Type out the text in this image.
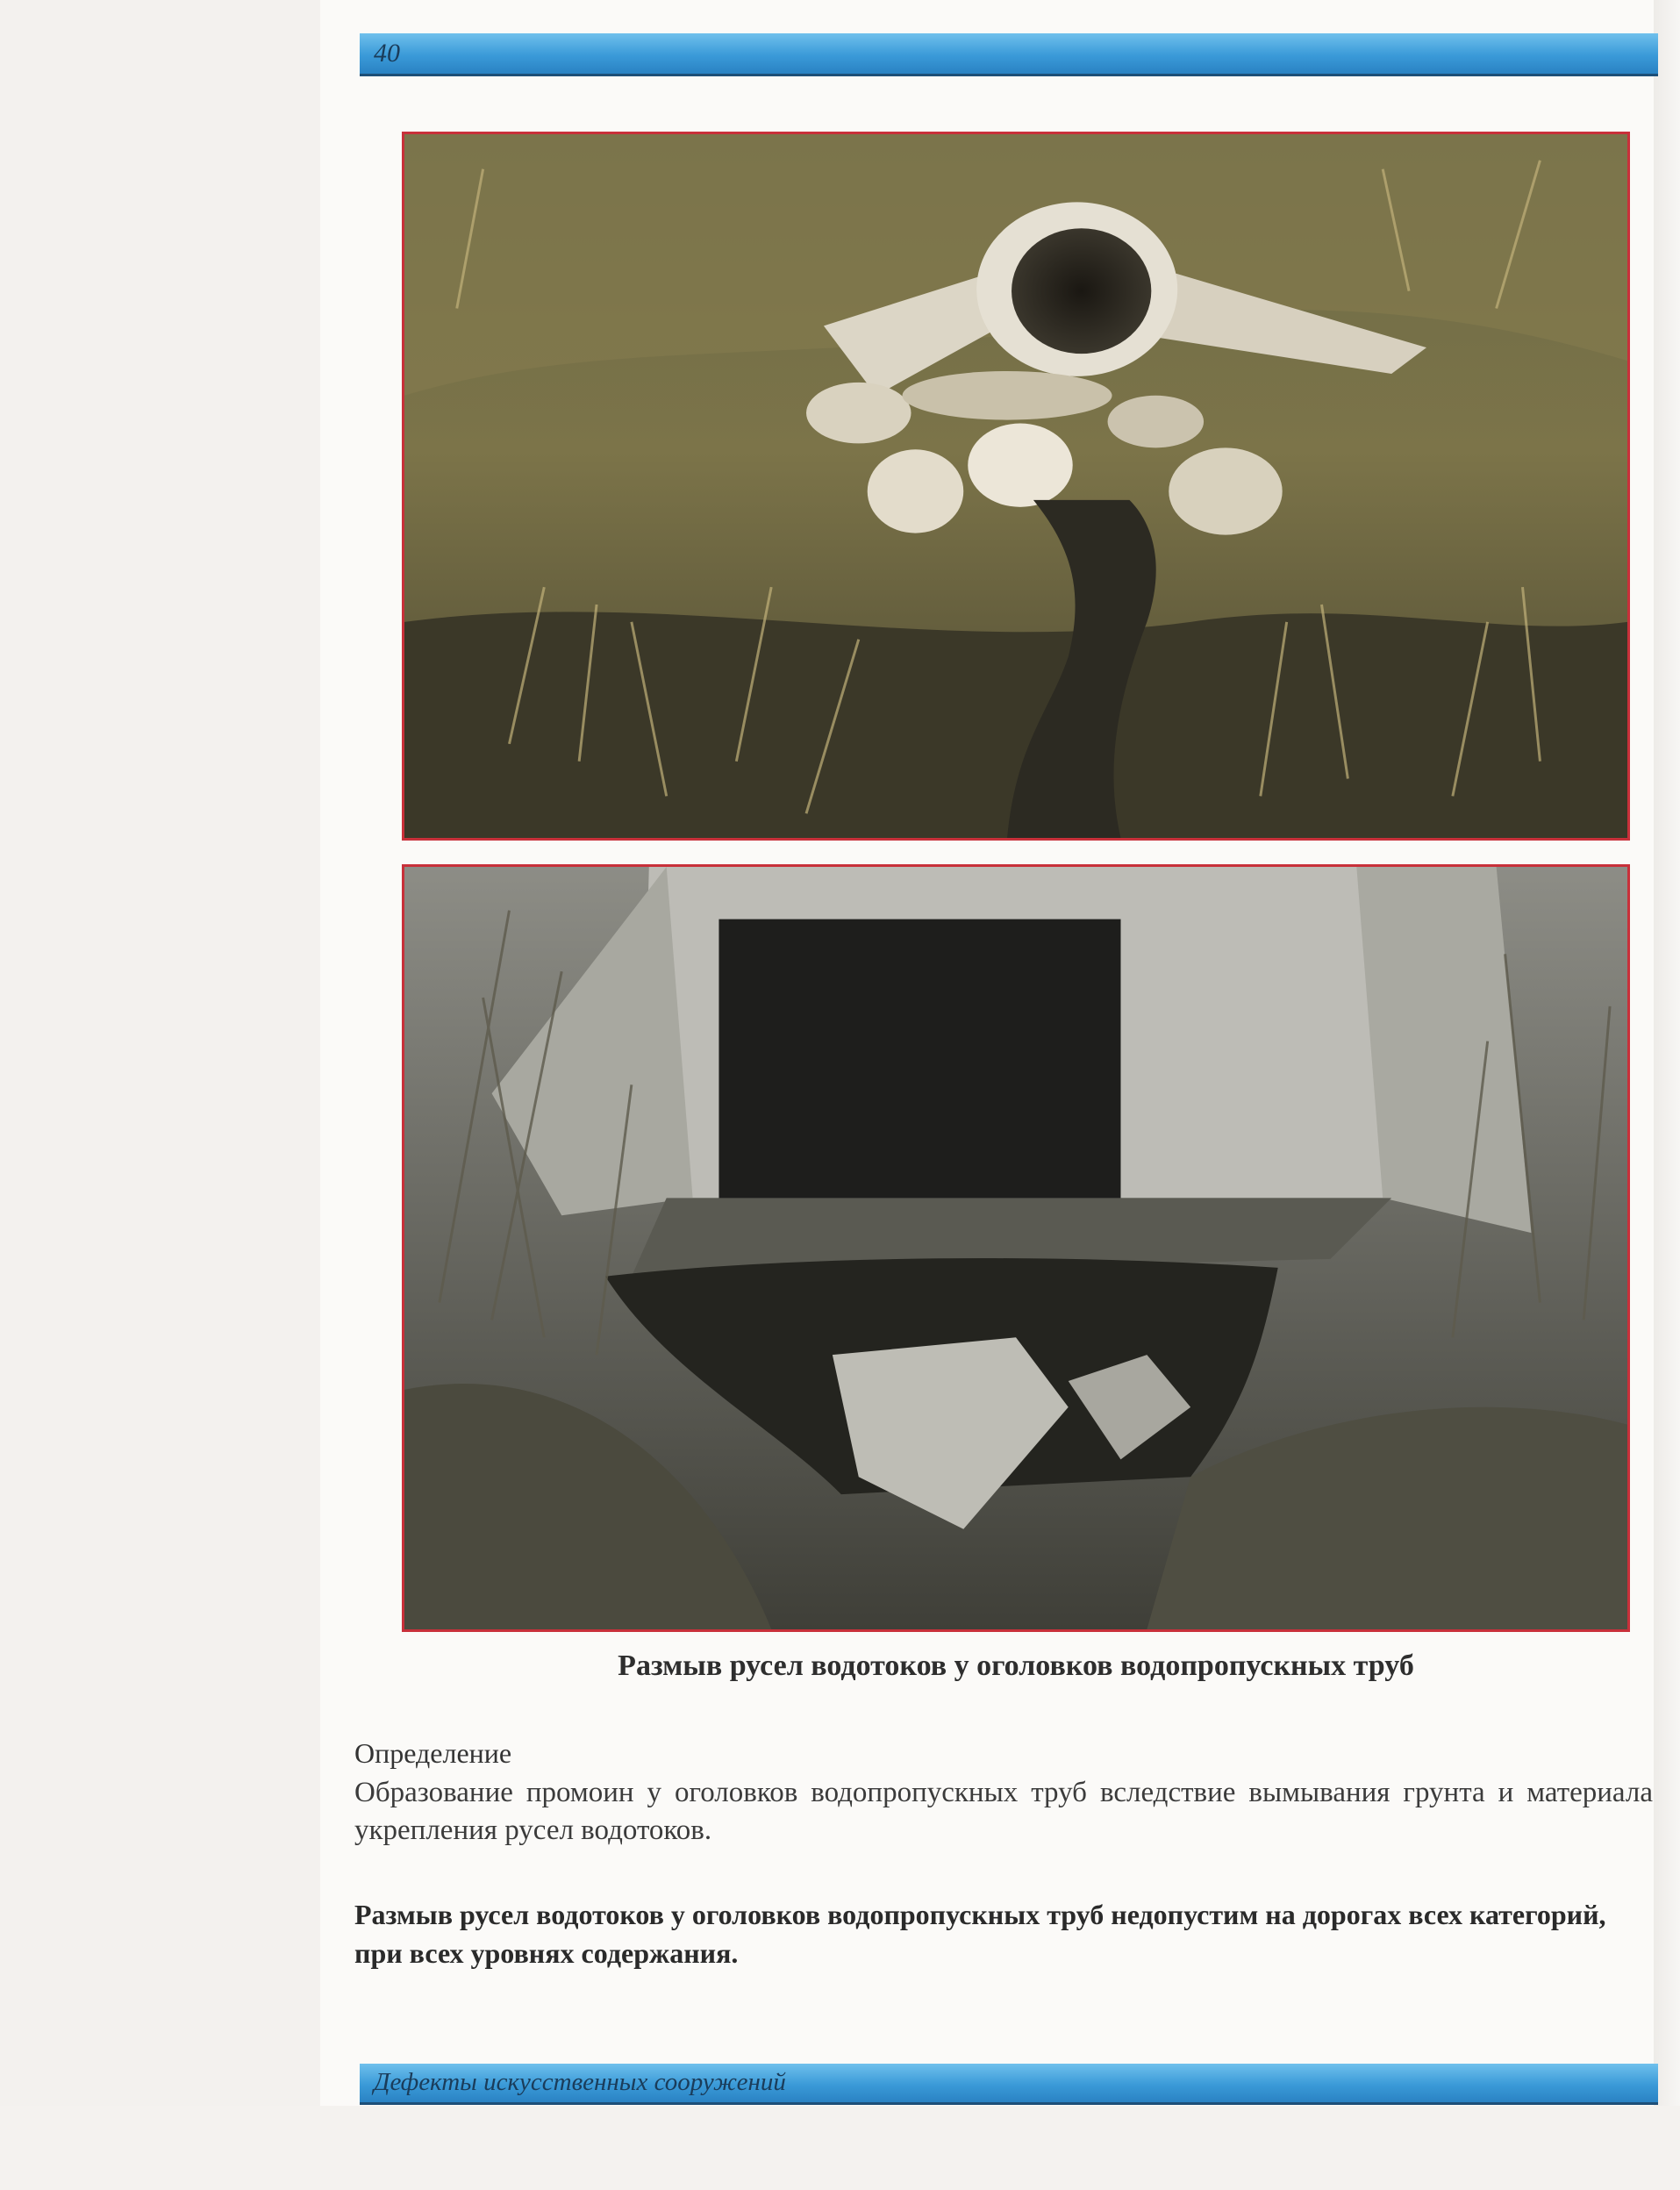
40
Размыв русел водотоков у оголовков водопропускных труб
Определение
Образование промоин у оголовков водопропускных труб вследствие вымывания грунта и материала укрепления русел водотоков.
Размыв русел водотоков у оголовков водопропускных труб недопустим на дорогах всех категорий, при всех уровнях содержания.
Дефекты искусственных сооружений
